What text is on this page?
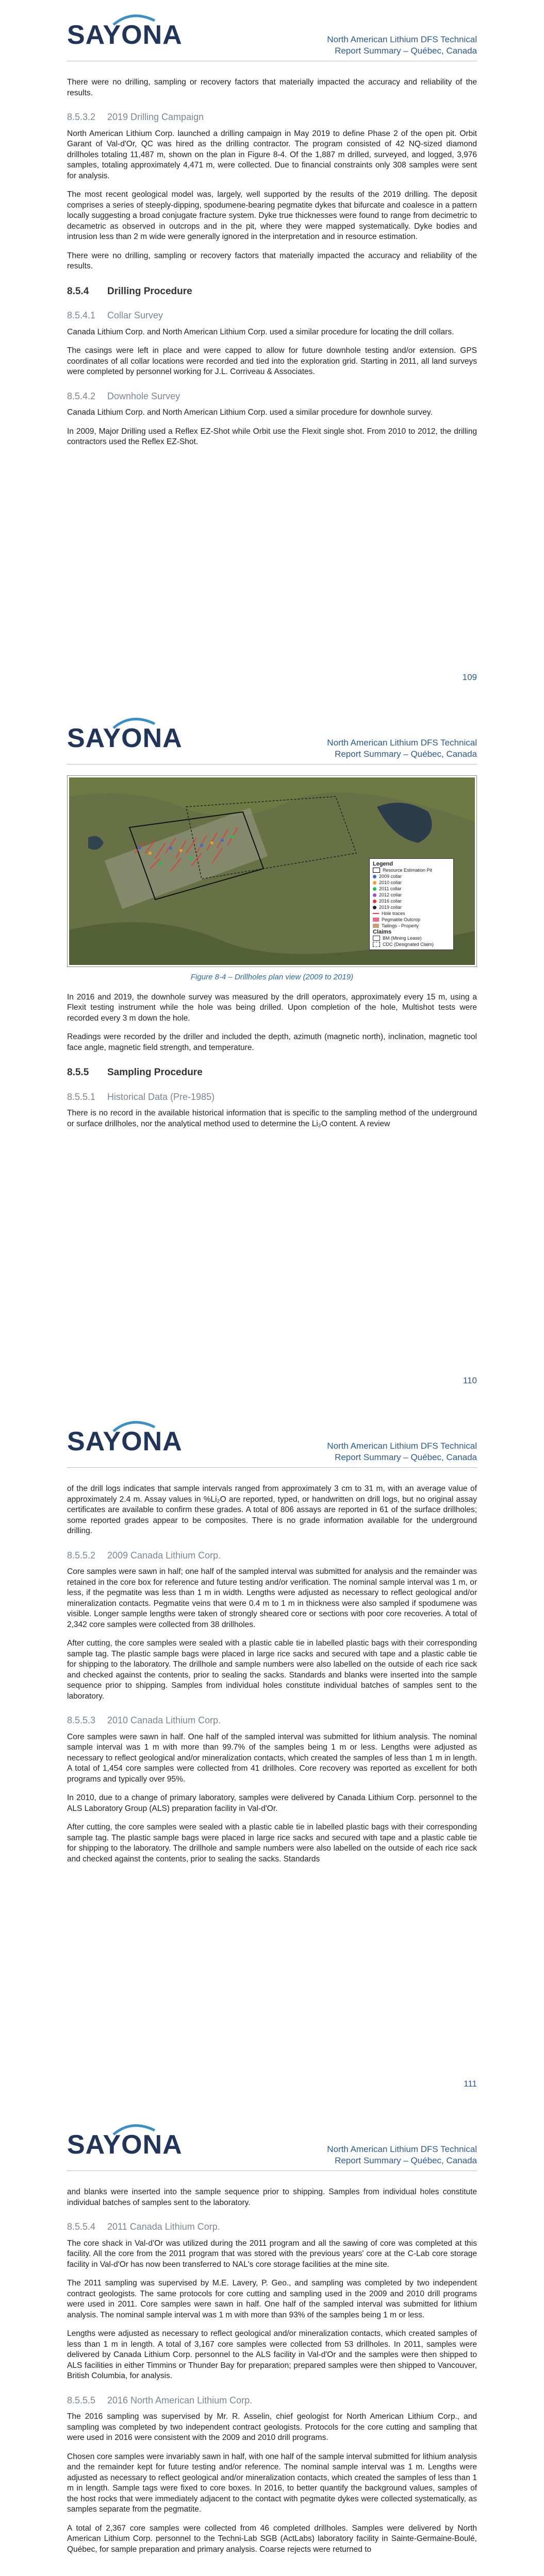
SAYONA	North American Lithium DFS Technical
Report Summary – Québec, Canada

There were no drilling, sampling or recovery factors that materially impacted the accuracy and reliability of the results.

8.5.3.2 2019 Drilling Campaign

North American Lithium Corp. launched a drilling campaign in May 2019 to define Phase 2 of the open pit. Orbit Garant of Val-d'Or, QC was hired as the drilling contractor. The program consisted of 42 NQ-sized diamond drillholes totaling 11,487 m, shown on the plan in Figure 8-4. Of the 1,887 m drilled, surveyed, and logged, 3,976 samples, totaling approximately 4,471 m, were collected. Due to financial constraints only 308 samples were sent for analysis.

The most recent geological model was, largely, well supported by the results of the 2019 drilling. The deposit comprises a series of steeply-dipping, spodumene-bearing pegmatite dykes that bifurcate and coalesce in a pattern locally suggesting a broad conjugate fracture system. Dyke true thicknesses were found to range from decimetric to decametric as observed in outcrops and in the pit, where they were mapped systematically. Dyke bodies and intrusion less than 2 m wide were generally ignored in the interpretation and in resource estimation.

There were no drilling, sampling or recovery factors that materially impacted the accuracy and reliability of the results.

8.5.4 Drilling Procedure
8.5.4.1 Collar Survey

Canada Lithium Corp. and North American Lithium Corp. used a similar procedure for locating the drill collars.

The casings were left in place and were capped to allow for future downhole testing and/or extension. GPS coordinates of all collar locations were recorded and tied into the exploration grid. Starting in 2011, all land surveys were completed by personnel working for J.L. Corriveau & Associates.

8.5.4.2 Downhole Survey

Canada Lithium Corp. and North American Lithium Corp. used a similar procedure for downhole survey.

In 2009, Major Drilling used a Reflex EZ-Shot while Orbit use the Flexit single shot. From 2010 to 2012, the drilling contractors used the Reflex EZ-Shot.

109
SAYONA	North American Lithium DFS Technical
Report Summary – Québec, Canada
Legend
Resource Estimation Pit
2009 collar
2010 collar
2011 collar
2012 collar
2016 collar
2019 collar
Hole traces
Pegmatite Outcrop
Tailings - Property
Claims
BM (Mining Lease)
CDC (Designated Claim)
Figure 8-4 – Drillholes plan view (2009 to 2019)

In 2016 and 2019, the downhole survey was measured by the drill operators, approximately every 15 m, using a Flexit testing instrument while the hole was being drilled. Upon completion of the hole, Multishot tests were recorded every 3 m down the hole.

Readings were recorded by the driller and included the depth, azimuth (magnetic north), inclination, magnetic tool face angle, magnetic field strength, and temperature.

8.5.5 Sampling Procedure
8.5.5.1 Historical Data (Pre-1985)

There is no record in the available historical information that is specific to the sampling method of the underground or surface drillholes, nor the analytical method used to determine the Li₂O content. A review

110
SAYONA	North American Lithium DFS Technical
Report Summary – Québec, Canada

of the drill logs indicates that sample intervals ranged from approximately 3 cm to 31 m, with an average value of approximately 2.4 m. Assay values in %Li₂O are reported, typed, or handwritten on drill logs, but no original assay certificates are available to confirm these grades. A total of 806 assays are reported in 61 of the surface drillholes; some reported grades appear to be composites. There is no grade information available for the underground drilling.

8.5.5.2 2009 Canada Lithium Corp.

Core samples were sawn in half; one half of the sampled interval was submitted for analysis and the remainder was retained in the core box for reference and future testing and/or verification. The nominal sample interval was 1 m, or less, if the pegmatite was less than 1 m in width. Lengths were adjusted as necessary to reflect geological and/or mineralization contacts. Pegmatite veins that were 0.4 m to 1 m in thickness were also sampled if spodumene was visible. Longer sample lengths were taken of strongly sheared core or sections with poor core recoveries. A total of 2,342 core samples were collected from 38 drillholes.

After cutting, the core samples were sealed with a plastic cable tie in labelled plastic bags with their corresponding sample tag. The plastic sample bags were placed in large rice sacks and secured with tape and a plastic cable tie for shipping to the laboratory. The drillhole and sample numbers were also labelled on the outside of each rice sack and checked against the contents, prior to sealing the sacks. Standards and blanks were inserted into the sample sequence prior to shipping. Samples from individual holes constitute individual batches of samples sent to the laboratory.

8.5.5.3 2010 Canada Lithium Corp.

Core samples were sawn in half. One half of the sampled interval was submitted for lithium analysis. The nominal sample interval was 1 m with more than 99.7% of the samples being 1 m or less. Lengths were adjusted as necessary to reflect geological and/or mineralization contacts, which created the samples of less than 1 m in length. A total of 1,454 core samples were collected from 41 drillholes. Core recovery was reported as excellent for both programs and typically over 95%.

In 2010, due to a change of primary laboratory, samples were delivered by Canada Lithium Corp. personnel to the ALS Laboratory Group (ALS) preparation facility in Val-d'Or.

After cutting, the core samples were sealed with a plastic cable tie in labelled plastic bags with their corresponding sample tag. The plastic sample bags were placed in large rice sacks and secured with tape and a plastic cable tie for shipping to the laboratory. The drillhole and sample numbers were also labelled on the outside of each rice sack and checked against the contents, prior to sealing the sacks. Standards

111
SAYONA	North American Lithium DFS Technical
Report Summary – Québec, Canada

and blanks were inserted into the sample sequence prior to shipping. Samples from individual holes constitute individual batches of samples sent to the laboratory.

8.5.5.4 2011 Canada Lithium Corp.

The core shack in Val-d'Or was utilized during the 2011 program and all the sawing of core was completed at this facility. All the core from the 2011 program that was stored with the previous years' core at the C-Lab core storage facility in Val-d'Or has now been transferred to NAL's core storage facilities at the mine site.

The 2011 sampling was supervised by M.E. Lavery, P. Geo., and sampling was completed by two independent contract geologists. The same protocols for core cutting and sampling used in the 2009 and 2010 drill programs were used in 2011. Core samples were sawn in half. One half of the sampled interval was submitted for lithium analysis. The nominal sample interval was 1 m with more than 93% of the samples being 1 m or less.

Lengths were adjusted as necessary to reflect geological and/or mineralization contacts, which created samples of less than 1 m in length. A total of 3,167 core samples were collected from 53 drillholes. In 2011, samples were delivered by Canada Lithium Corp. personnel to the ALS facility in Val-d'Or and the samples were then shipped to ALS facilities in either Timmins or Thunder Bay for preparation; prepared samples were then shipped to Vancouver, British Columbia, for analysis.

8.5.5.5 2016 North American Lithium Corp.

The 2016 sampling was supervised by Mr. R. Asselin, chief geologist for North American Lithium Corp., and sampling was completed by two independent contract geologists. Protocols for the core cutting and sampling that were used in 2016 were consistent with the 2009 and 2010 drill programs.

Chosen core samples were invariably sawn in half, with one half of the sample interval submitted for lithium analysis and the remainder kept for future testing and/or reference. The nominal sample interval was 1 m. Lengths were adjusted as necessary to reflect geological and/or mineralization contacts, which created the samples of less than 1 m in length. Sample tags were fixed to core boxes. In 2016, to better quantify the background values, samples of the host rocks that were immediately adjacent to the contact with pegmatite dykes were collected systematically, as samples separate from the pegmatite.

A total of 2,367 core samples were collected from 46 completed drillholes. Samples were delivered by North American Lithium Corp. personnel to the Techni-Lab SGB (ActLabs) laboratory facility in Sainte-Germaine-Boulé, Québec, for sample preparation and primary analysis. Coarse rejects were returned to
